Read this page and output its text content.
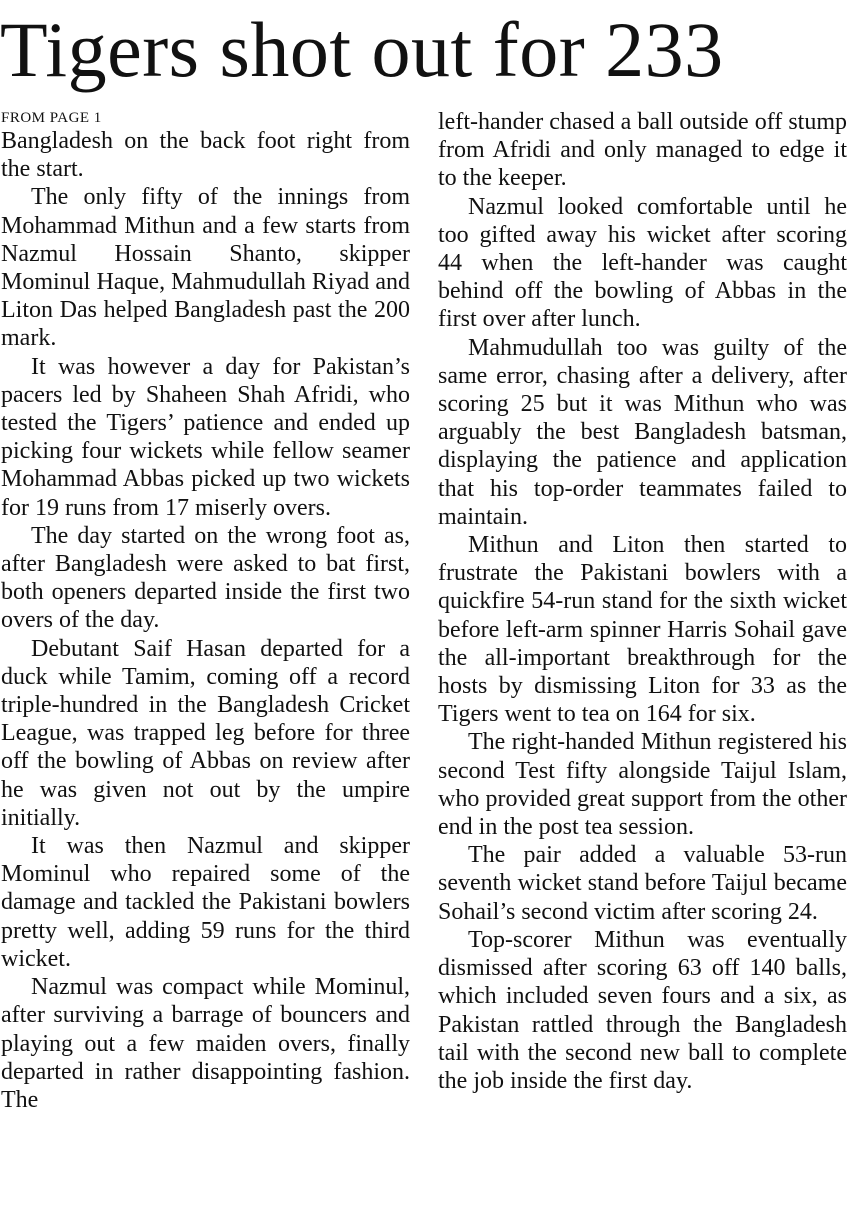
Tigers shot out for 233
FROM PAGE 1

Bangladesh on the back foot right from the start.

The only fifty of the innings from Mohammad Mithun and a few starts from Nazmul Hossain Shanto, skipper Mominul Haque, Mahmudullah Riyad and Liton Das helped Bangladesh past the 200 mark.

It was however a day for Pakistan’s pacers led by Shaheen Shah Afridi, who tested the Tigers’ patience and ended up picking four wickets while fellow seamer Mohammad Abbas picked up two wickets for 19 runs from 17 miserly overs.

The day started on the wrong foot as, after Bangladesh were asked to bat first, both openers departed inside the first two overs of the day.

Debutant Saif Hasan departed for a duck while Tamim, coming off a record triple-hundred in the Bangladesh Cricket League, was trapped leg before for three off the bowling of Abbas on review after he was given not out by the umpire initially.

It was then Nazmul and skipper Mominul who repaired some of the damage and tackled the Pakistani bowlers pretty well, adding 59 runs for the third wicket.

Nazmul was compact while Mominul, after surviving a barrage of bouncers and playing out a few maiden overs, finally departed in rather disappointing fashion. The

left-hander chased a ball outside off stump from Afridi and only managed to edge it to the keeper.

Nazmul looked comfortable until he too gifted away his wicket after scoring 44 when the left-hander was caught behind off the bowling of Abbas in the first over after lunch.

Mahmudullah too was guilty of the same error, chasing after a delivery, after scoring 25 but it was Mithun who was arguably the best Bangladesh batsman, displaying the patience and application that his top-order teammates failed to maintain.

Mithun and Liton then started to frustrate the Pakistani bowlers with a quickfire 54-run stand for the sixth wicket before left-arm spinner Harris Sohail gave the all-important breakthrough for the hosts by dismissing Liton for 33 as the Tigers went to tea on 164 for six.

The right-handed Mithun registered his second Test fifty alongside Taijul Islam, who provided great support from the other end in the post tea session.

The pair added a valuable 53-run seventh wicket stand before Taijul became Sohail’s second victim after scoring 24.

Top-scorer Mithun was eventually dismissed after scoring 63 off 140 balls, which included seven fours and a six, as Pakistan rattled through the Bangladesh tail with the second new ball to complete the job inside the first day.
